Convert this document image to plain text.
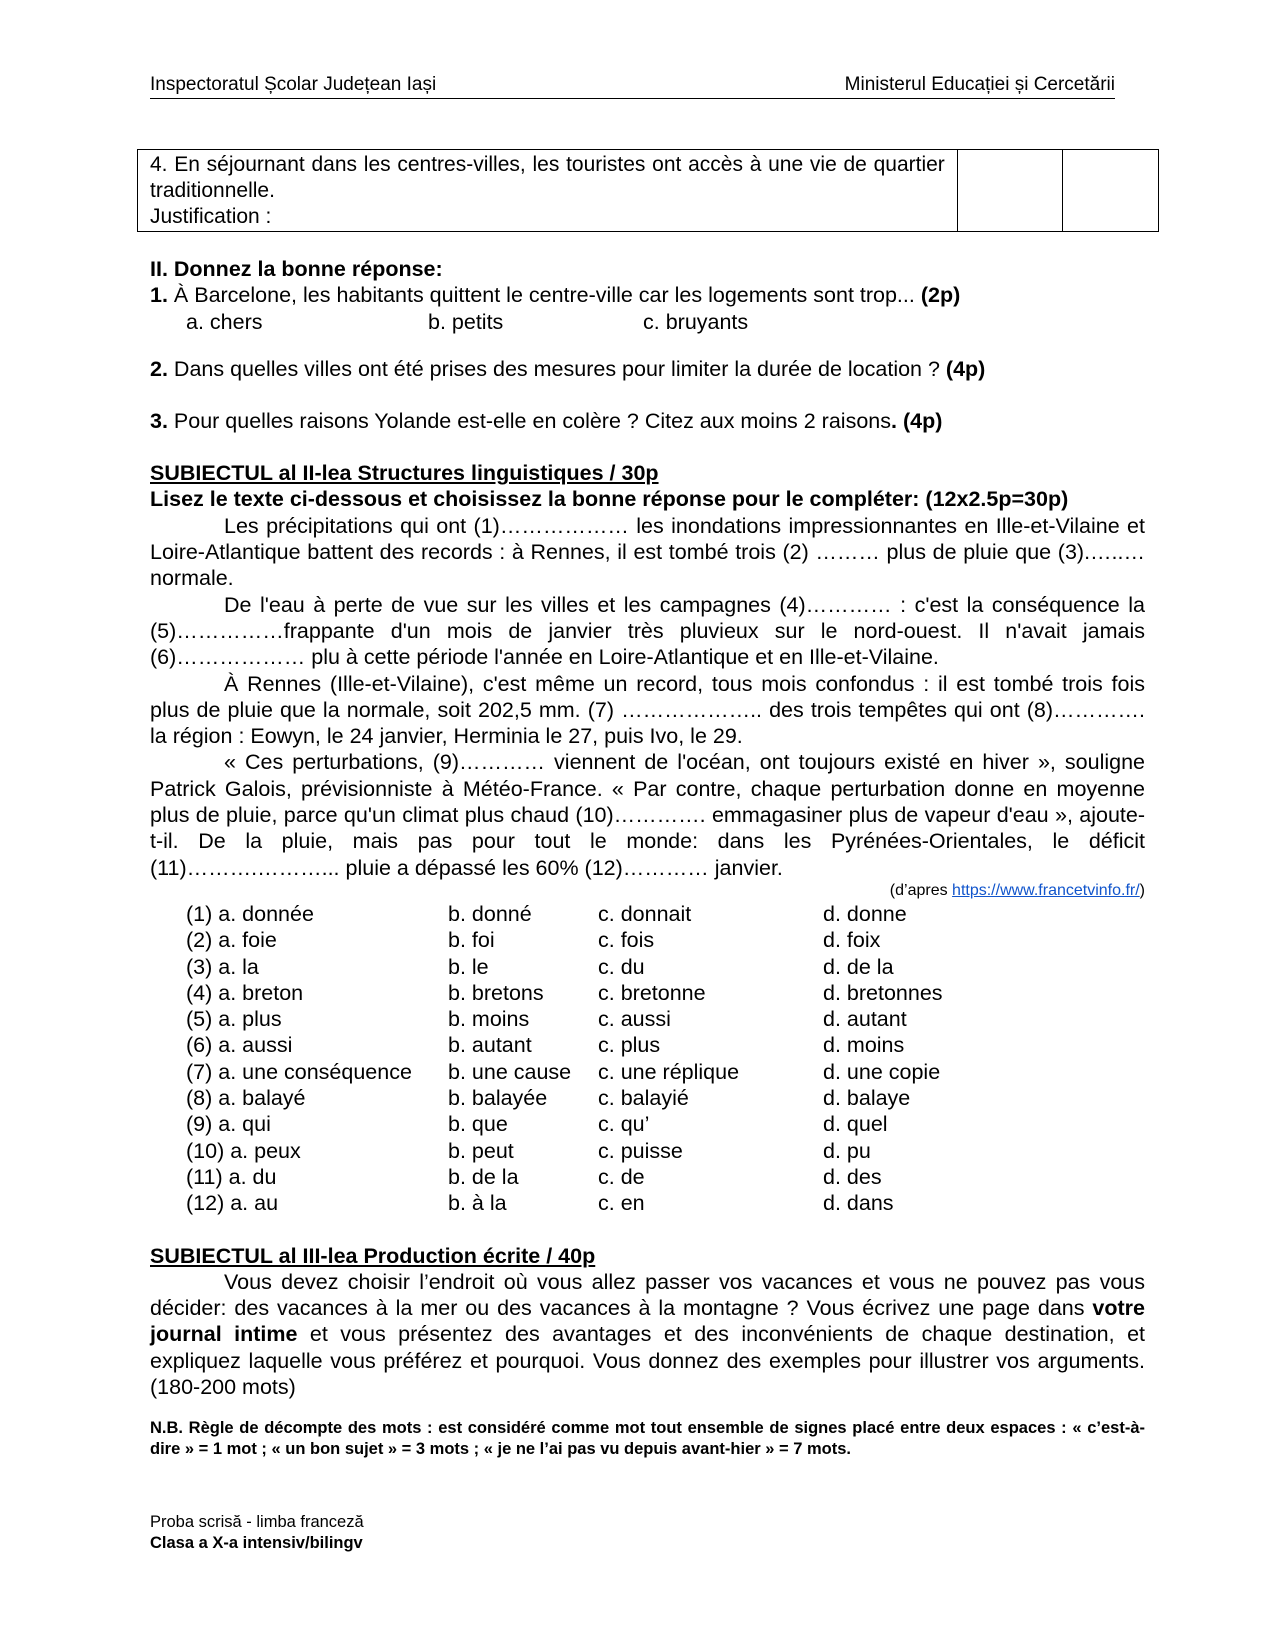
Inspectoratul Școlar Județean Iași	Ministerul Educației și Cercetării
4. En séjournant dans les centres-villes, les touristes ont accès à une vie de quartier traditionnelle.
Justification :

II. Donnez la bonne réponse:

1. À Barcelone, les habitants quittent le centre-ville car les logements sont trop... (2p)

a. chers	b. petits	c. bruyants

2. Dans quelles villes ont été prises des mesures pour limiter la durée de location ? (4p)

3. Pour quelles raisons Yolande est-elle en colère ? Citez aux moins 2 raisons. (4p)

SUBIECTUL al II-lea Structures linguistiques / 30p

Lisez le texte ci-dessous et choisissez la bonne réponse pour le compléter: (12x2.5p=30p)

Les précipitations qui ont (1)……………… les inondations impressionnantes en Ille-et-Vilaine et Loire-Atlantique battent des records : à Rennes, il est tombé trois (2) ……… plus de pluie que (3).…..… normale.

De l'eau à perte de vue sur les villes et les campagnes (4)………… : c'est la conséquence la (5)……………frappante d'un mois de janvier très pluvieux sur le nord-ouest. Il n'avait jamais (6)……………… plu à cette période l'année en Loire-Atlantique et en Ille-et-Vilaine.

À Rennes (Ille-et-Vilaine), c'est même un record, tous mois confondus : il est tombé trois fois plus de pluie que la normale, soit 202,5 mm. (7) ……………….. des trois tempêtes qui ont (8)…………. la région : Eowyn, le 24 janvier, Herminia le 27, puis Ivo, le 29.

« Ces perturbations, (9)………… viennent de l'océan, ont toujours existé en hiver », souligne Patrick Galois, prévisionniste à Météo-France. « Par contre, chaque perturbation donne en moyenne plus de pluie, parce qu'un climat plus chaud (10)…………. emmagasiner plus de vapeur d'eau », ajoute-t-il. De la pluie, mais pas pour tout le monde: dans les Pyrénées-Orientales, le déficit (11)……….………... pluie a dépassé les 60% (12)………… janvier.

(d’apres https://www.francetvinfo.fr/)

(1) a. donnée	b. donné	c. donnait	d. donne
(2) a. foie	b. foi	c. fois	d. foix
(3) a. la	b. le	c. du	d. de la
(4) a. breton	b. bretons	c. bretonne	d. bretonnes
(5) a. plus	b. moins	c. aussi	d. autant
(6) a. aussi	b. autant	c. plus	d. moins
(7) a. une conséquence	b. une cause	c. une réplique	d. une copie
(8) a. balayé	b. balayée	c. balayié	d. balaye
(9) a. qui	b. que	c. qu’	d. quel
(10) a. peux	b. peut	c. puisse	d. pu
(11) a. du	b. de la	c. de	d. des
(12) a. au	b. à la	c. en	d. dans

SUBIECTUL al III-lea Production écrite / 40p

Vous devez choisir l’endroit où vous allez passer vos vacances et vous ne pouvez pas vous décider: des vacances à la mer ou des vacances à la montagne ? Vous écrivez une page dans votre journal intime et vous présentez des avantages et des inconvénients de chaque destination, et expliquez laquelle vous préférez et pourquoi. Vous donnez des exemples pour illustrer vos arguments. (180-200 mots)

N.B. Règle de décompte des mots : est considéré comme mot tout ensemble de signes placé entre deux espaces : « c’est-à-dire » = 1 mot ; « un bon sujet » = 3 mots ; « je ne l’ai pas vu depuis avant-hier » = 7 mots.

Proba scrisă - limba franceză
Clasa a X-a intensiv/bilingv
